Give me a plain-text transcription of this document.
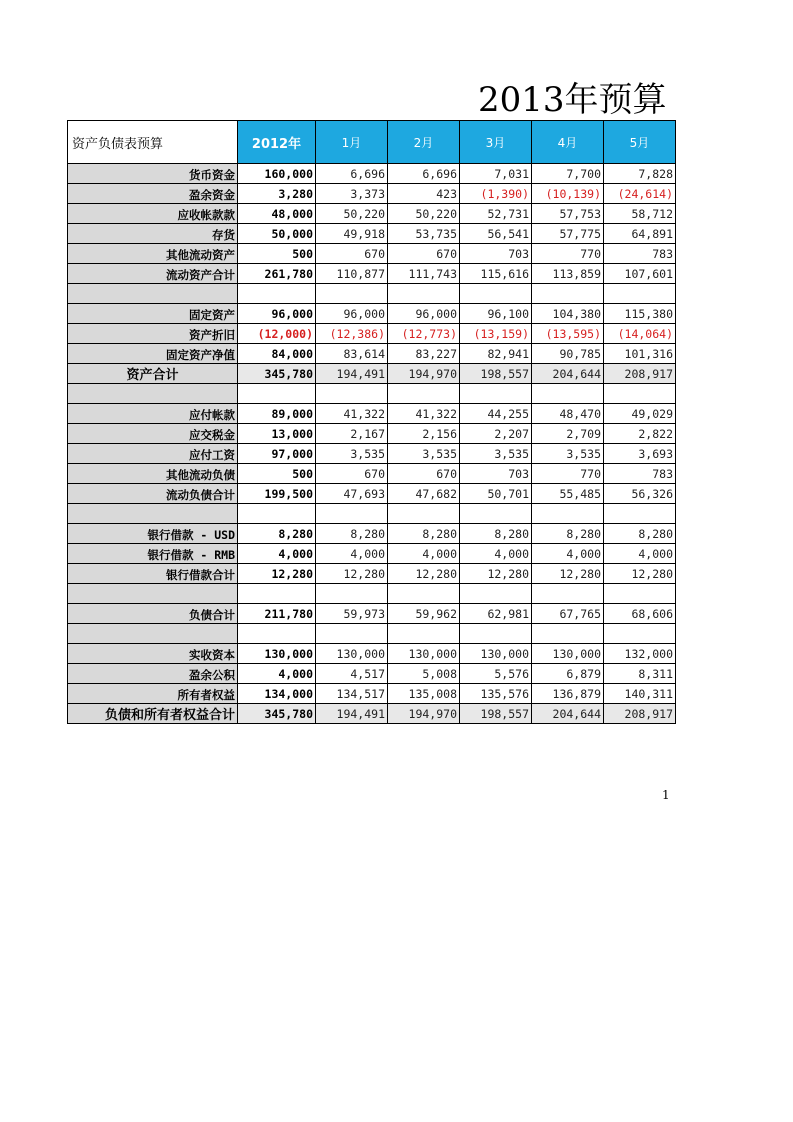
2013年预算
资产负债表预算	2012年	1月	2月	3月	4月	5月
货币资金	160,000	6,696	6,696	7,031	7,700	7,828
盈余资金	3,280	3,373	423	(1,390)	(10,139)	(24,614)
应收帐款款	48,000	50,220	50,220	52,731	57,753	58,712
存货	50,000	49,918	53,735	56,541	57,775	64,891
其他流动资产	500	670	670	703	770	783
流动资产合计	261,780	110,877	111,743	115,616	113,859	107,601

固定资产	96,000	96,000	96,000	96,100	104,380	115,380
资产折旧	(12,000)	(12,386)	(12,773)	(13,159)	(13,595)	(14,064)
固定资产净值	84,000	83,614	83,227	82,941	90,785	101,316
资产合计	345,780	194,491	194,970	198,557	204,644	208,917

应付帐款	89,000	41,322	41,322	44,255	48,470	49,029
应交税金	13,000	2,167	2,156	2,207	2,709	2,822
应付工资	97,000	3,535	3,535	3,535	3,535	3,693
其他流动负债	500	670	670	703	770	783
流动负债合计	199,500	47,693	47,682	50,701	55,485	56,326

银行借款 - USD	8,280	8,280	8,280	8,280	8,280	8,280
银行借款 - RMB	4,000	4,000	4,000	4,000	4,000	4,000
银行借款合计	12,280	12,280	12,280	12,280	12,280	12,280

负债合计	211,780	59,973	59,962	62,981	67,765	68,606

实收资本	130,000	130,000	130,000	130,000	130,000	132,000
盈余公积	4,000	4,517	5,008	5,576	6,879	8,311
所有者权益	134,000	134,517	135,008	135,576	136,879	140,311
负债和所有者权益合计	345,780	194,491	194,970	198,557	204,644	208,917
1
